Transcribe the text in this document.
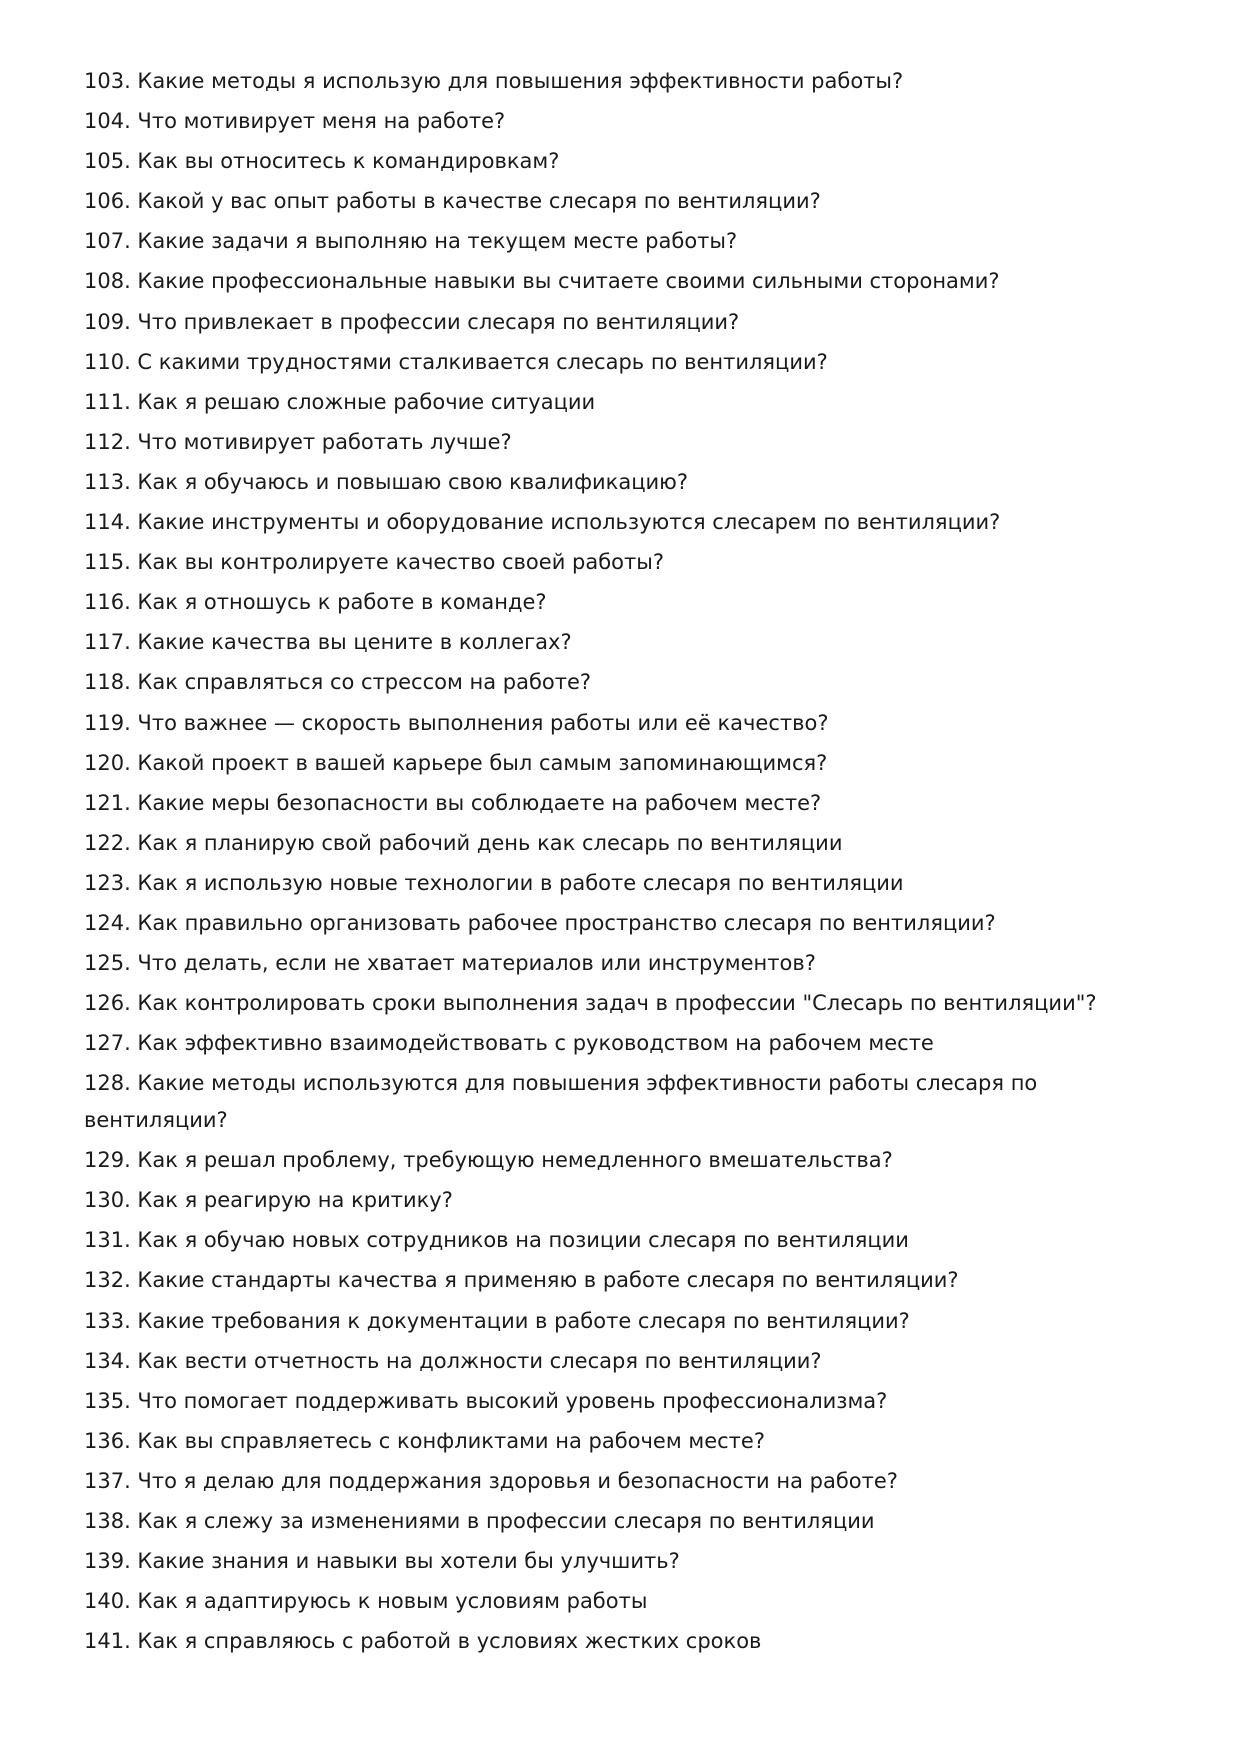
103. Какие методы я использую для повышения эффективности работы?
104. Что мотивирует меня на работе?
105. Как вы относитесь к командировкам?
106. Какой у вас опыт работы в качестве слесаря по вентиляции?
107. Какие задачи я выполняю на текущем месте работы?
108. Какие профессиональные навыки вы считаете своими сильными сторонами?
109. Что привлекает в профессии слесаря по вентиляции?
110. С какими трудностями сталкивается слесарь по вентиляции?
111. Как я решаю сложные рабочие ситуации
112. Что мотивирует работать лучше?
113. Как я обучаюсь и повышаю свою квалификацию?
114. Какие инструменты и оборудование используются слесарем по вентиляции?
115. Как вы контролируете качество своей работы?
116. Как я отношусь к работе в команде?
117. Какие качества вы цените в коллегах?
118. Как справляться со стрессом на работе?
119. Что важнее — скорость выполнения работы или её качество?
120. Какой проект в вашей карьере был самым запоминающимся?
121. Какие меры безопасности вы соблюдаете на рабочем месте?
122. Как я планирую свой рабочий день как слесарь по вентиляции
123. Как я использую новые технологии в работе слесаря по вентиляции
124. Как правильно организовать рабочее пространство слесаря по вентиляции?
125. Что делать, если не хватает материалов или инструментов?
126. Как контролировать сроки выполнения задач в профессии "Слесарь по вентиляции"?
127. Как эффективно взаимодействовать с руководством на рабочем месте
128. Какие методы используются для повышения эффективности работы слесаря по вентиляции?
129. Как я решал проблему, требующую немедленного вмешательства?
130. Как я реагирую на критику?
131. Как я обучаю новых сотрудников на позиции слесаря по вентиляции
132. Какие стандарты качества я применяю в работе слесаря по вентиляции?
133. Какие требования к документации в работе слесаря по вентиляции?
134. Как вести отчетность на должности слесаря по вентиляции?
135. Что помогает поддерживать высокий уровень профессионализма?
136. Как вы справляетесь с конфликтами на рабочем месте?
137. Что я делаю для поддержания здоровья и безопасности на работе?
138. Как я слежу за изменениями в профессии слесаря по вентиляции
139. Какие знания и навыки вы хотели бы улучшить?
140. Как я адаптируюсь к новым условиям работы
141. Как я справляюсь с работой в условиях жестких сроков
